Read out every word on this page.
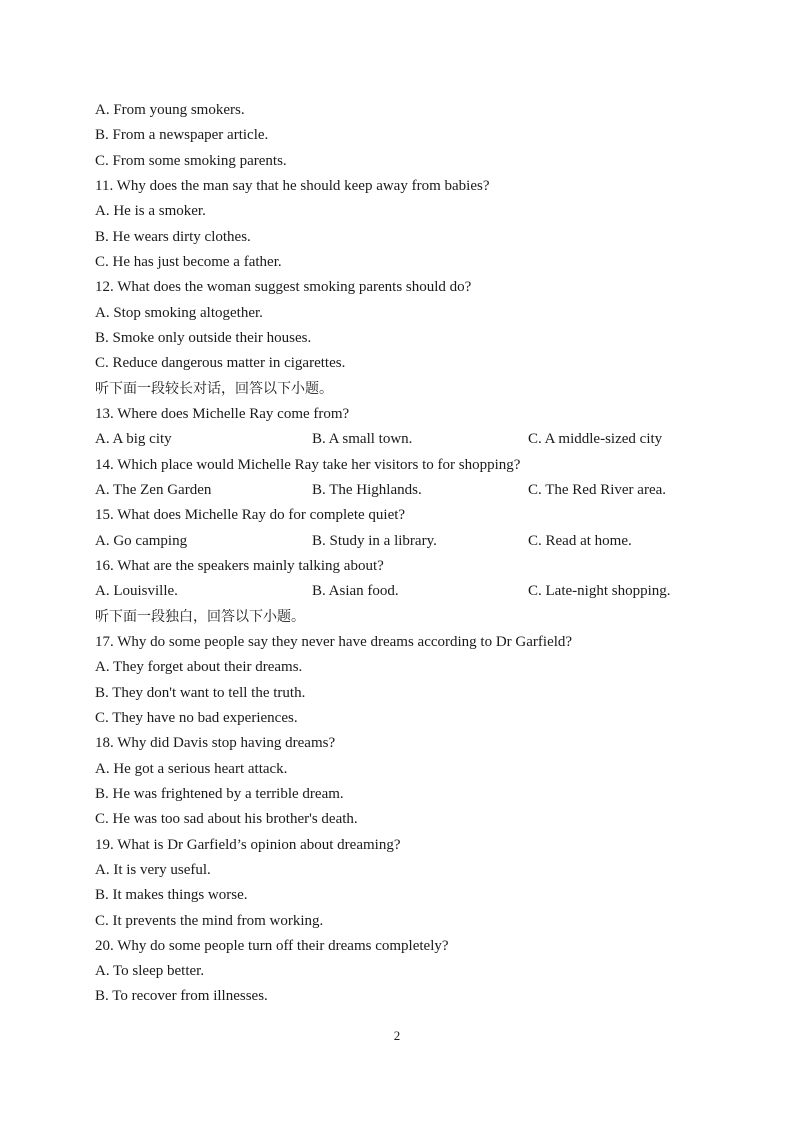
A. From young smokers.
B. From a newspaper article.
C. From some smoking parents.
11. Why does the man say that he should keep away from babies?
A. He is a smoker.
B. He wears dirty clothes.
C. He has just become a father.
12. What does the woman suggest smoking parents should do?
A. Stop smoking altogether.
B. Smoke only outside their houses.
C. Reduce dangerous matter in cigarettes.
听下面一段较长对话，回答以下小题。
13. Where does Michelle Ray come from?
A. A big city	B. A small town.	C. A middle-sized city
14. Which place would Michelle Ray take her visitors to for shopping?
A. The Zen Garden	B. The Highlands.	C. The Red River area.
15. What does Michelle Ray do for complete quiet?
A. Go camping	B. Study in a library.	C. Read at home.
16. What are the speakers mainly talking about?
A. Louisville.	B. Asian food.	C. Late-night shopping.
听下面一段独白，回答以下小题。
17. Why do some people say they never have dreams according to Dr Garfield?
A. They forget about their dreams.
B. They don't want to tell the truth.
C. They have no bad experiences.
18. Why did Davis stop having dreams?
A. He got a serious heart attack.
B. He was frightened by a terrible dream.
C. He was too sad about his brother's death.
19. What is Dr Garfield’s opinion about dreaming?
A. It is very useful.
B. It makes things worse.
C. It prevents the mind from working.
20. Why do some people turn off their dreams completely?
A. To sleep better.
B. To recover from illnesses.
2
